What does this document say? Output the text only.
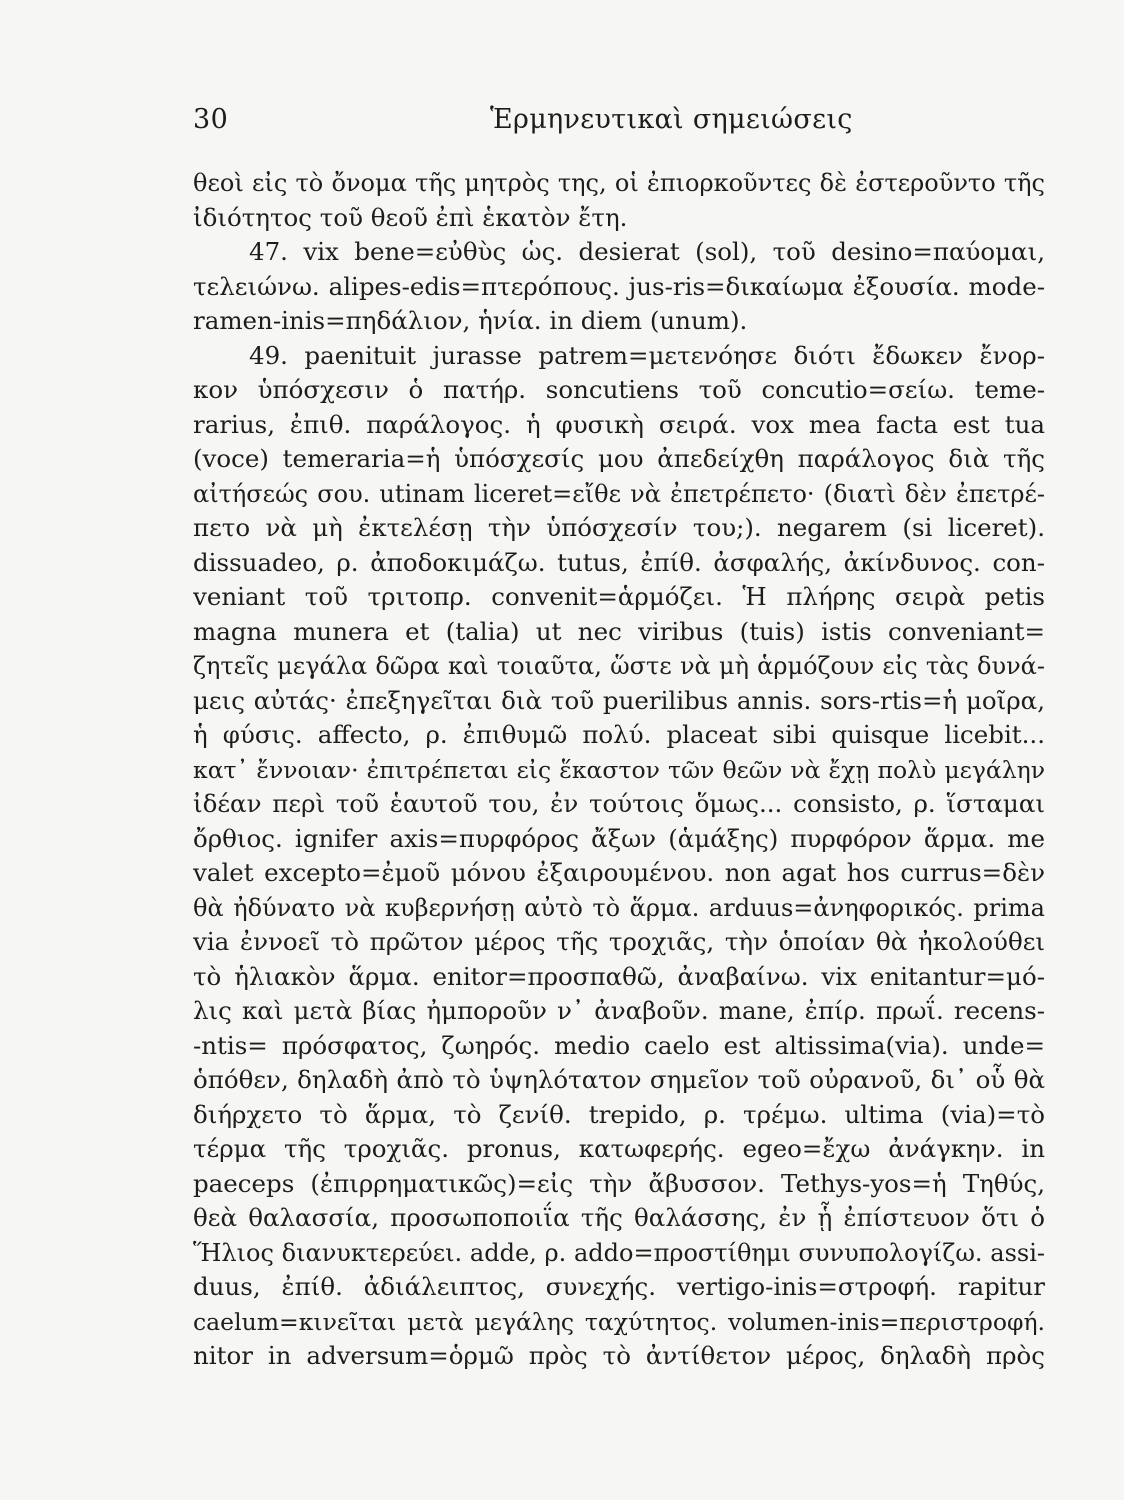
30	Ἑρμηνευτικαὶ σημειώσεις
θεοὶ εἰς τὸ ὄνομα τῆς μητρὸς της, οἱ ἐπιορκοῦντες δὲ ἐστεροῦντο τῆς
ἰδιότητος τοῦ θεοῦ ἐπὶ ἑκατὸν ἔτη.
47. vix bene=εὐθὺς ὡς. desierat (sol), τοῦ desino=παύομαι,
τελειώνω. alipes-edis=πτερόπους. jus-ris=δικαίωμα ἐξουσία. mode-
ramen-inis=πηδάλιον, ἡνία. in diem (unum).
49. paenituit jurasse patrem=μετενόησε διότι ἔδωκεν ἔνορ-
κον ὑπόσχεσιν ὁ πατήρ. soncutiens τοῦ concutio=σείω. teme-
rarius, ἐπιθ. παράλογος. ἡ φυσικὴ σειρά. vox mea facta est tua
(voce) temeraria=ἡ ὑπόσχεσίς μου ἀπεδείχθη παράλογος διὰ τῆς
αἰτήσεώς σου. utinam liceret=εἴθε νὰ ἐπετρέπετο· (διατὶ δὲν ἐπετρέ-
πετο νὰ μὴ ἐκτελέσῃ τὴν ὑπόσχεσίν του;). negarem (si liceret).
dissuadeo, ρ. ἀποδοκιμάζω. tutus, ἐπίθ. ἀσφαλής, ἀκίνδυνος. con-
veniant τοῦ τριτοπρ. convenit=ἁρμόζει. Ἡ πλήρης σειρὰ petis
magna munera et (talia) ut nec viribus (tuis) istis conveniant=
ζητεῖς μεγάλα δῶρα καὶ τοιαῦτα, ὥστε νὰ μὴ ἁρμόζουν εἰς τὰς δυνά-
μεις αὐτάς· ἐπεξηγεῖται διὰ τοῦ puerilibus annis. sors-rtis=ἡ μοῖρα,
ἡ φύσις. affecto, ρ. ἐπιθυμῶ πολύ. placeat sibi quisque licebit...
κατ᾽ ἔννοιαν· ἐπιτρέπεται εἰς ἕκαστον τῶν θεῶν νὰ ἔχῃ πολὺ μεγάλην
ἰδέαν περὶ τοῦ ἑαυτοῦ του, ἐν τούτοις ὅμως... consisto, ρ. ἵσταμαι
ὄρθιος. ignifer axis=πυρφόρος ἄξων (ἁμάξης) πυρφόρον ἅρμα. me
valet excepto=ἐμοῦ μόνου ἐξαιρουμένου. non agat hos currus=δὲν
θὰ ἠδύνατο νὰ κυβερνήσῃ αὐτὸ τὸ ἅρμα. arduus=ἀνηφορικός. prima
via ἐννοεῖ τὸ πρῶτον μέρος τῆς τροχιᾶς, τὴν ὁποίαν θὰ ἠκολούθει
τὸ ἡλιακὸν ἅρμα. enitor=προσπαθῶ, ἀναβαίνω. vix enitantur=μό-
λις καὶ μετὰ βίας ἠμποροῦν ν᾽ ἀναβοῦν. mane, ἐπίρ. πρωΐ. recens-
-ntis= πρόσφατος, ζωηρός. medio caelo est altissima(via). unde=
ὁπόθεν, δηλαδὴ ἀπὸ τὸ ὑψηλότατον σημεῖον τοῦ οὐρανοῦ, δι᾽ οὗ θὰ
διήρχετο τὸ ἅρμα, τὸ ζενίθ. trepido, ρ. τρέμω. ultima (via)=τὸ
τέρμα τῆς τροχιᾶς. pronus, κατωφερής. egeo=ἔχω ἀνάγκην. in
paeceps (ἐπιρρηματικῶς)=εἰς τὴν ἄβυσσον. Tethys-yos=ἡ Τηθύς,
θεὰ θαλασσία, προσωποποιΐα τῆς θαλάσσης, ἐν ᾗ ἐπίστευον ὅτι ὁ
Ἥλιος διανυκτερεύει. adde, ρ. addo=προστίθημι συνυπολογίζω. assi-
duus, ἐπίθ. ἀδιάλειπτος, συνεχής. vertigo-inis=στροφή. rapitur
caelum=κινεῖται μετὰ μεγάλης ταχύτητος. volumen-inis=περιστροφή.
nitor in adversum=ὁρμῶ πρὸς τὸ ἀντίθετον μέρος, δηλαδὴ πρὸς
